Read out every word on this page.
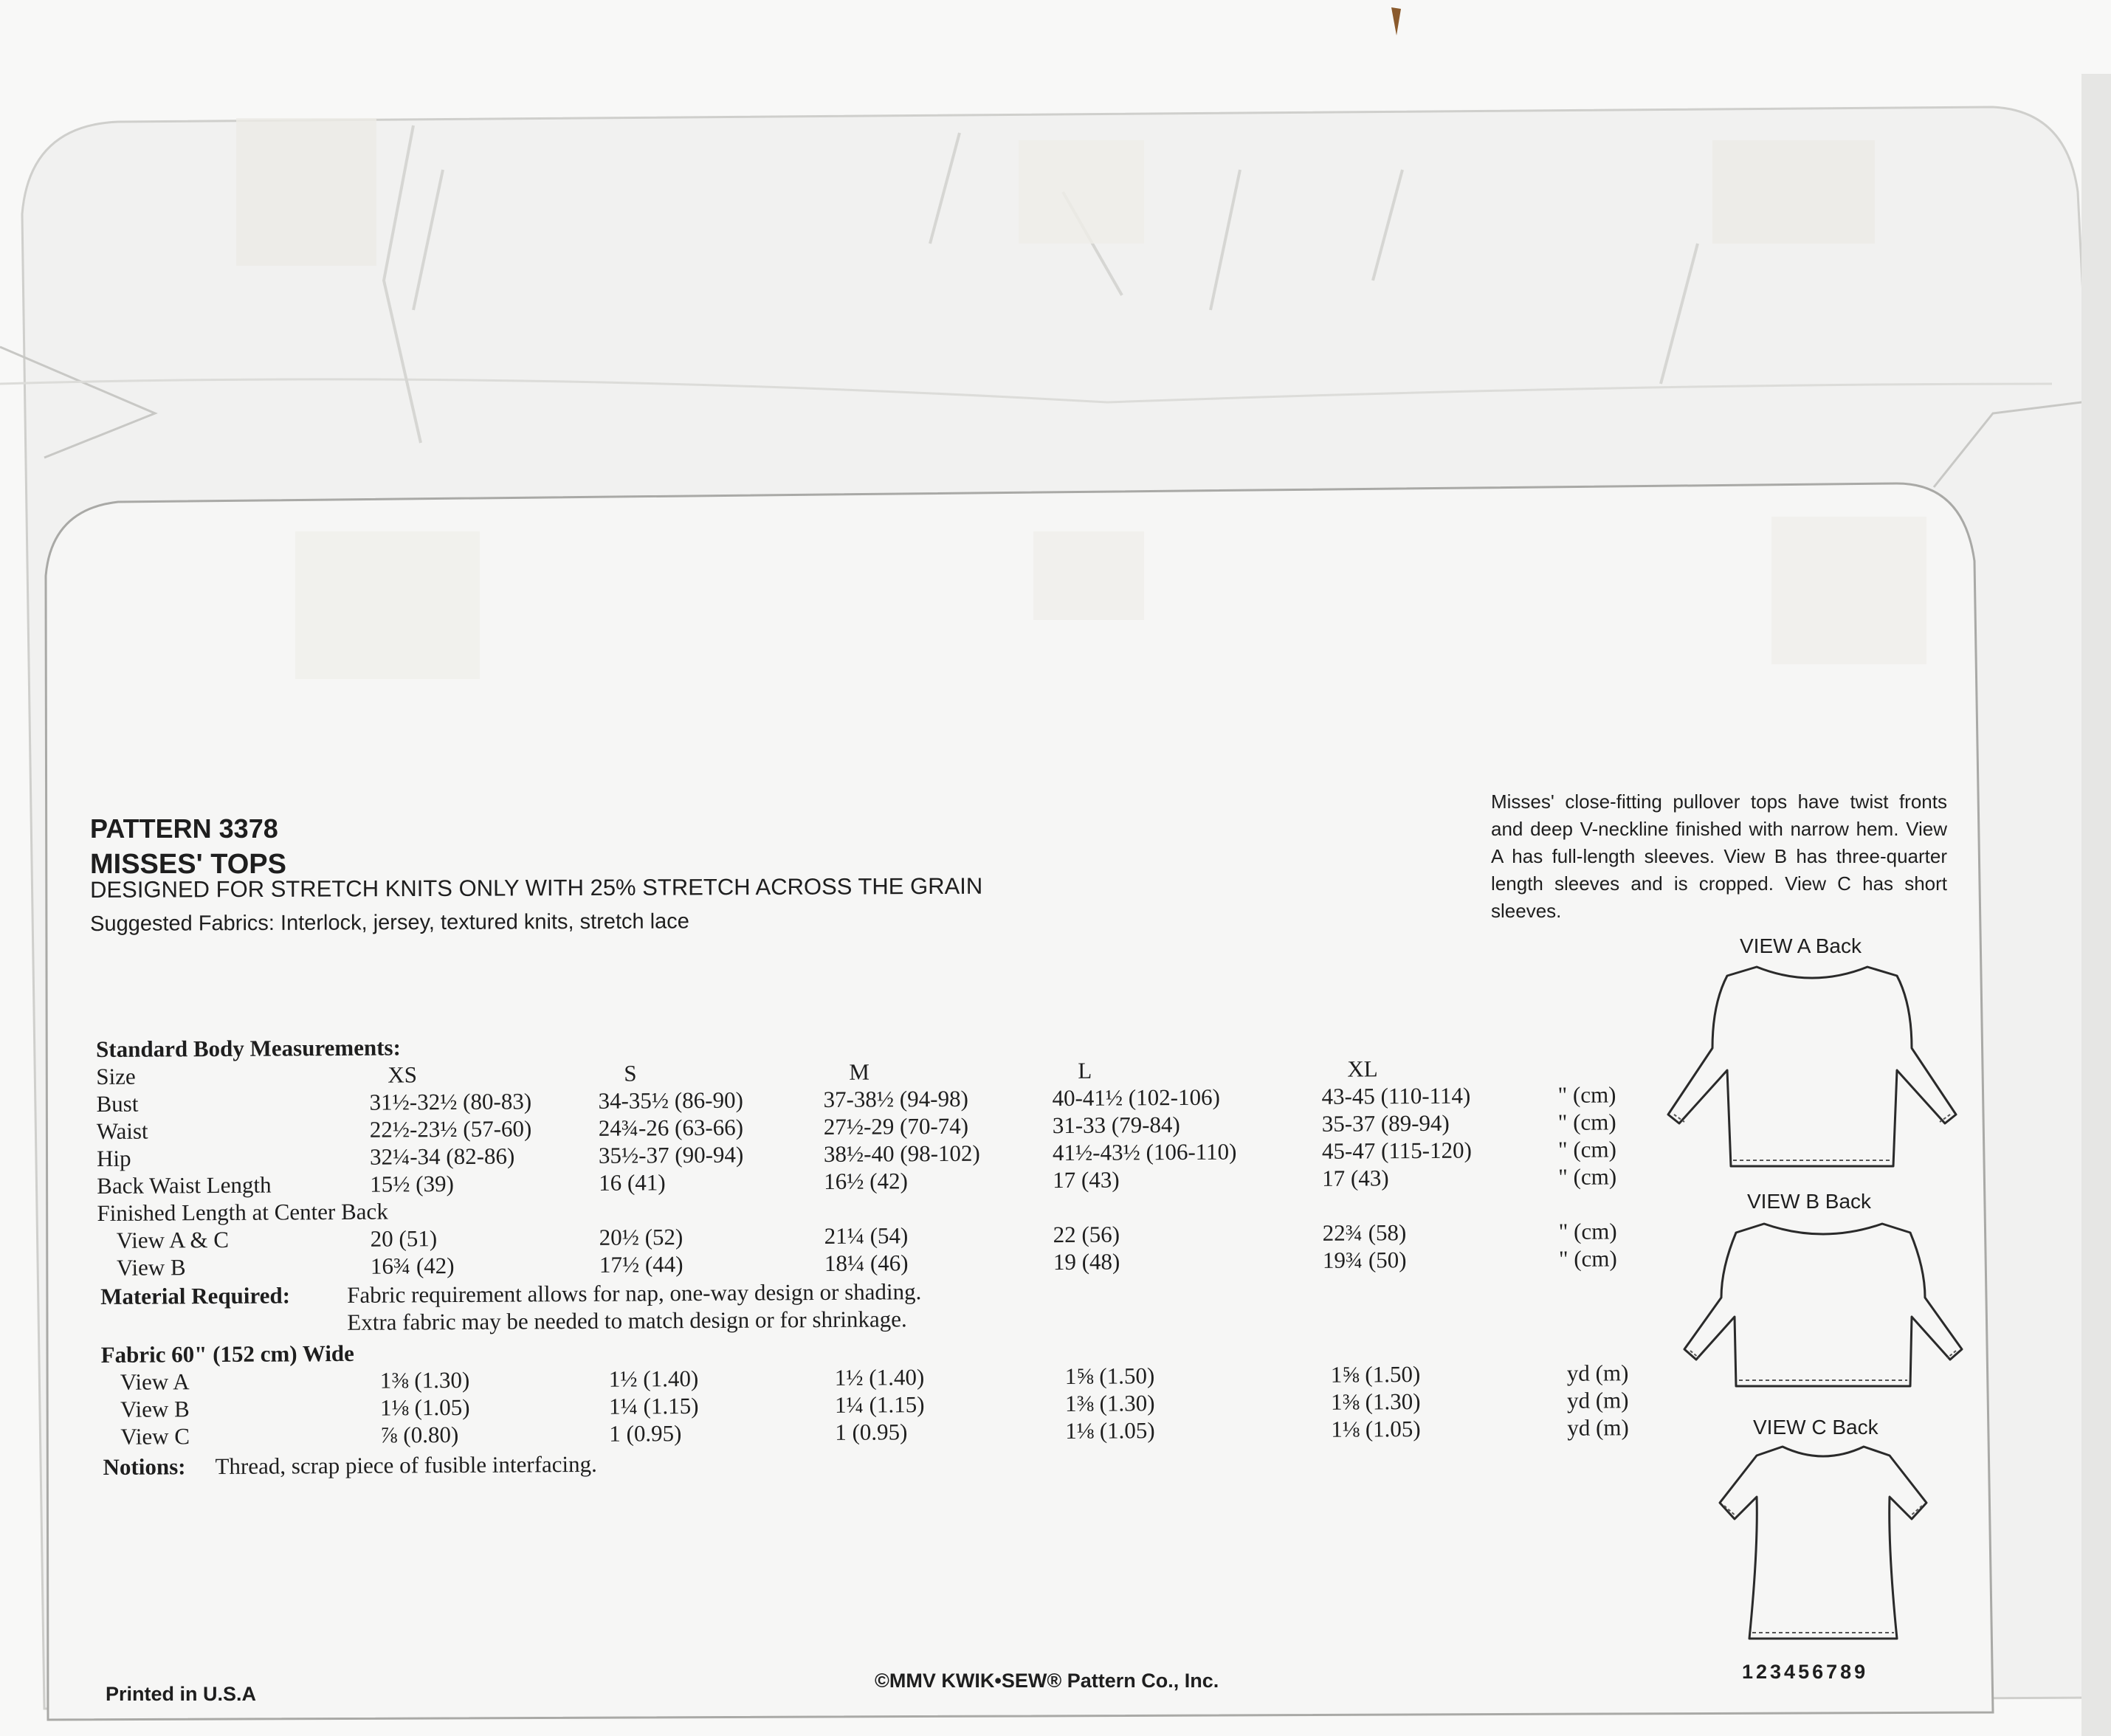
PATTERN 3378

MISSES' TOPS

DESIGNED FOR STRETCH KNITS ONLY WITH 25% STRETCH ACROSS THE GRAIN

Suggested Fabrics: Interlock, jersey, textured knits, stretch lace

Misses' close-fitting pullover tops have twist fronts and deep V-neckline finished with narrow hem. View A has full-length sleeves. View B has three-quarter length sleeves and is cropped. View C has short sleeves.

Standard Body Measurements:

Size	XS	S	M	L	XL

Bust	31½-32½ (80-83)	34-35½ (86-90)	37-38½ (94-98)	40-41½ (102-106)	43-45 (110-114)	" (cm)

Waist	22½-23½ (57-60)	24¾-26 (63-66)	27½-29 (70-74)	31-33 (79-84)	35-37 (89-94)	" (cm)

Hip	32¼-34 (82-86)	35½-37 (90-94)	38½-40 (98-102)	41½-43½ (106-110)	45-47 (115-120)	" (cm)

Back Waist Length	15½ (39)	16 (41)	16½ (42)	17 (43)	17 (43)	" (cm)

Finished Length at Center Back

View A & C	20 (51)	20½ (52)	21¼ (54)	22 (56)	22¾ (58)	" (cm)

View B	16¾ (42)	17½ (44)	18¼ (46)	19 (48)	19¾ (50)	" (cm)

Material Required: Fabric requirement allows for nap, one-way design or shading.

Extra fabric may be needed to match design or for shrinkage.

Fabric 60" (152 cm) Wide

View A	1⅜ (1.30)	1½ (1.40)	1½ (1.40)	1⅝ (1.50)	1⅝ (1.50)	yd (m)

View B	1⅛ (1.05)	1¼ (1.15)	1¼ (1.15)	1⅜ (1.30)	1⅜ (1.30)	yd (m)

View C	⅞ (0.80)	1 (0.95)	1 (0.95)	1⅛ (1.05)	1⅛ (1.05)	yd (m)

Notions: Thread, scrap piece of fusible interfacing.

VIEW A Back

VIEW B Back

VIEW C Back

Printed in U.S.A

©MMV KWIK•SEW® Pattern Co., Inc.	123456789
